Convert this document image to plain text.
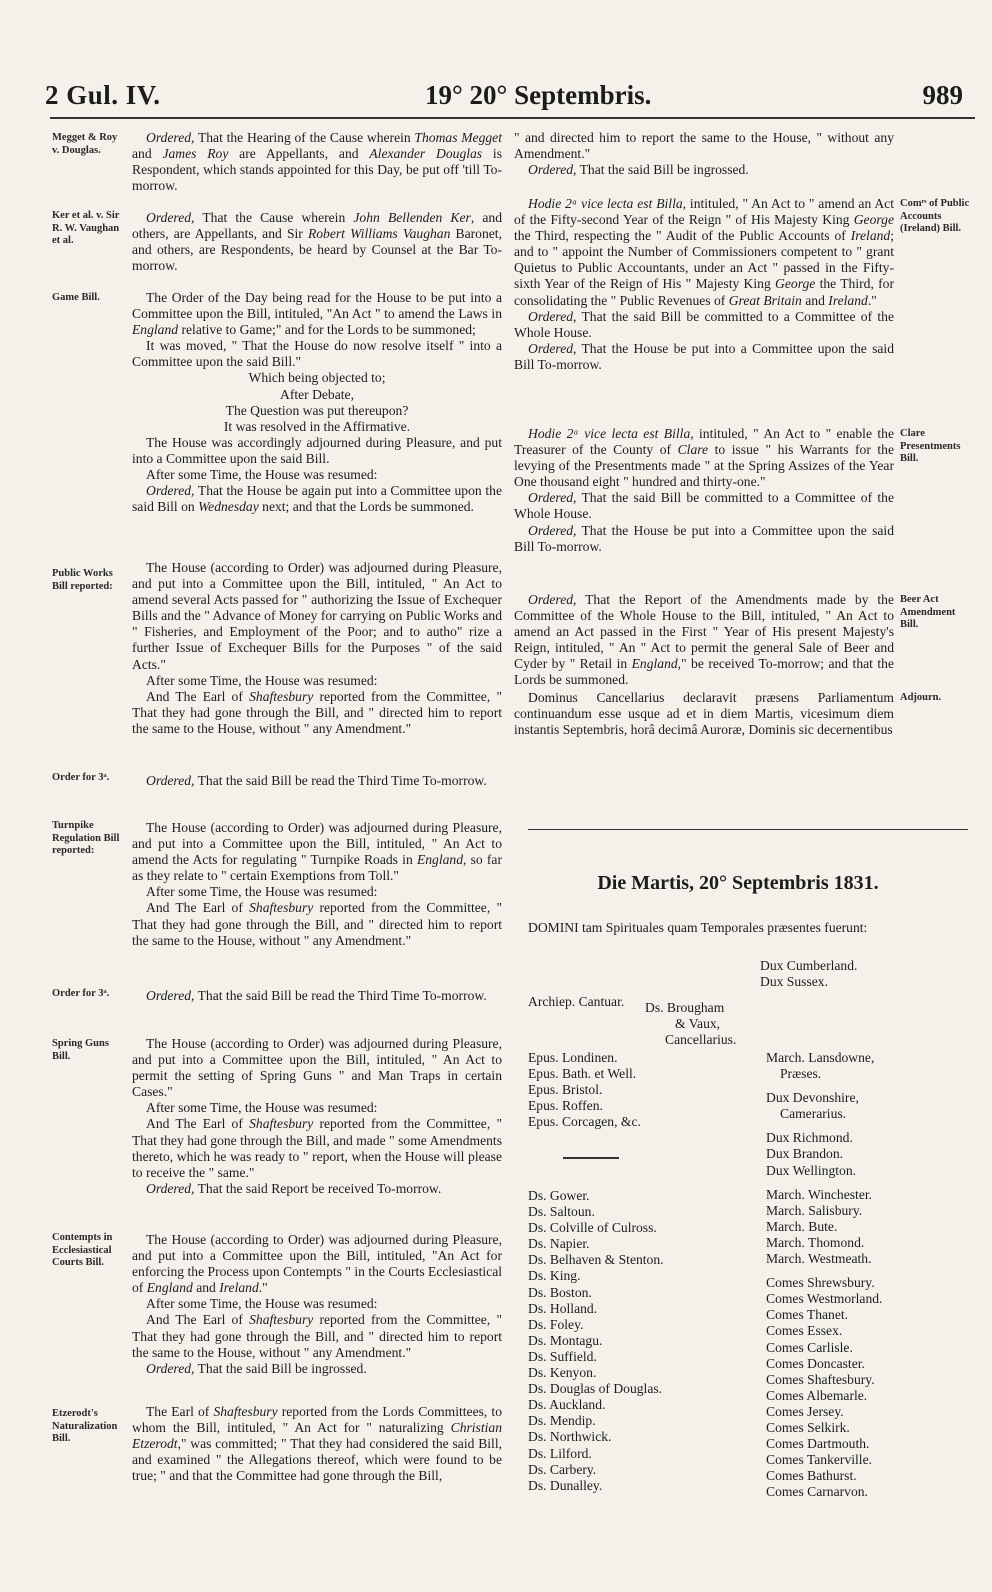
2 Gul. IV.	19° 20° Septembris.	989
Megget & Roy v. Douglas.
Ker et al. v. Sir R. W. Vaughan et al.
Game Bill.
Public Works Bill reported:
Order for 3ᵃ.
Turnpike Regulation Bill reported:
Order for 3ᵃ.
Spring Guns Bill.
Contempts in Ecclesiastical Courts Bill.
Etzerodt's Naturalization Bill.
Comʳˢ of Public Accounts (Ireland) Bill.
Clare Presentments Bill.
Beer Act Amendment Bill.
Adjourn.

Ordered, That the Hearing of the Cause wherein Thomas Megget and James Roy are Appellants, and Alexander Douglas is Respondent, which stands appointed for this Day, be put off 'till To-morrow.

Ordered, That the Cause wherein John Bellenden Ker, and others, are Appellants, and Sir Robert Williams Vaughan Baronet, and others, are Respondents, be heard by Counsel at the Bar To-morrow.

The Order of the Day being read for the House to be put into a Committee upon the Bill, intituled, "An Act " to amend the Laws in England relative to Game;" and for the Lords to be summoned;

It was moved, " That the House do now resolve itself " into a Committee upon the said Bill."

Which being objected to;

After Debate,

The Question was put thereupon?

It was resolved in the Affirmative.

The House was accordingly adjourned during Pleasure, and put into a Committee upon the said Bill.

After some Time, the House was resumed:

Ordered, That the House be again put into a Committee upon the said Bill on Wednesday next; and that the Lords be summoned.

The House (according to Order) was adjourned during Pleasure, and put into a Committee upon the Bill, intituled, " An Act to amend several Acts passed for " authorizing the Issue of Exchequer Bills and the " Advance of Money for carrying on Public Works and " Fisheries, and Employment of the Poor; and to autho" rize a further Issue of Exchequer Bills for the Purposes " of the said Acts."

After some Time, the House was resumed:

And The Earl of Shaftesbury reported from the Committee, " That they had gone through the Bill, and " directed him to report the same to the House, without " any Amendment."

Ordered, That the said Bill be read the Third Time To-morrow.

The House (according to Order) was adjourned during Pleasure, and put into a Committee upon the Bill, intituled, " An Act to amend the Acts for regulating " Turnpike Roads in England, so far as they relate to " certain Exemptions from Toll."

After some Time, the House was resumed:

And The Earl of Shaftesbury reported from the Committee, " That they had gone through the Bill, and " directed him to report the same to the House, without " any Amendment."

Ordered, That the said Bill be read the Third Time To-morrow.

The House (according to Order) was adjourned during Pleasure, and put into a Committee upon the Bill, intituled, " An Act to permit the setting of Spring Guns " and Man Traps in certain Cases."

After some Time, the House was resumed:

And The Earl of Shaftesbury reported from the Committee, " That they had gone through the Bill, and made " some Amendments thereto, which he was ready to " report, when the House will please to receive the " same."

Ordered, That the said Report be received To-morrow.

The House (according to Order) was adjourned during Pleasure, and put into a Committee upon the Bill, intituled, "An Act for enforcing the Process upon Contempts " in the Courts Ecclesiastical of England and Ireland."

After some Time, the House was resumed:

And The Earl of Shaftesbury reported from the Committee, " That they had gone through the Bill, and " directed him to report the same to the House, without " any Amendment."

Ordered, That the said Bill be ingrossed.

The Earl of Shaftesbury reported from the Lords Committees, to whom the Bill, intituled, " An Act for " naturalizing Christian Etzerodt," was committed; " That they had considered the said Bill, and examined " the Allegations thereof, which were found to be true; " and that the Committee had gone through the Bill,

" and directed him to report the same to the House, " without any Amendment."

Ordered, That the said Bill be ingrossed.

Hodie 2ᵃ vice lecta est Billa, intituled, " An Act to " amend an Act of the Fifty-second Year of the Reign " of His Majesty King George the Third, respecting the " Audit of the Public Accounts of Ireland; and to " appoint the Number of Commissioners competent to " grant Quietus to Public Accountants, under an Act " passed in the Fifty-sixth Year of the Reign of His " Majesty King George the Third, for consolidating the " Public Revenues of Great Britain and Ireland."

Ordered, That the said Bill be committed to a Committee of the Whole House.

Ordered, That the House be put into a Committee upon the said Bill To-morrow.

Hodie 2ᵃ vice lecta est Billa, intituled, " An Act to " enable the Treasurer of the County of Clare to issue " his Warrants for the levying of the Presentments made " at the Spring Assizes of the Year One thousand eight " hundred and thirty-one."

Ordered, That the said Bill be committed to a Committee of the Whole House.

Ordered, That the House be put into a Committee upon the said Bill To-morrow.

Ordered, That the Report of the Amendments made by the Committee of the Whole House to the Bill, intituled, " An Act to amend an Act passed in the First " Year of His present Majesty's Reign, intituled, " An " Act to permit the general Sale of Beer and Cyder by " Retail in England," be received To-morrow; and that the Lords be summoned.

Dominus Cancellarius declaravit præsens Parliamentum continuandum esse usque ad et in diem Martis, vicesimum diem instantis Septembris, horâ decimâ Auroræ, Dominis sic decernentibus

Die Martis, 20° Septembris 1831.

DOMINI tam Spirituales quam Temporales præsentes fuerunt:

Dux Cumberland.
Dux Sussex.
Archiep. Cantuar. Ds. Brougham
& Vaux,
Cancellarius.
Epus. Londinen.
Epus. Bath. et Well.
Epus. Bristol.
Epus. Roffen.
Epus. Corcagen, &c.
Ds. Gower.
Ds. Saltoun.
Ds. Colville of Culross.
Ds. Napier.
Ds. Belhaven & Stenton.
Ds. King.
Ds. Boston.
Ds. Holland.
Ds. Foley.
Ds. Montagu.
Ds. Suffield.
Ds. Kenyon.
Ds. Douglas of Douglas.
Ds. Auckland.
Ds. Mendip.
Ds. Northwick.
Ds. Lilford.
Ds. Carbery.
Ds. Dunalley.
March. Lansdowne,
Præses.
Dux Devonshire,
Camerarius.
Dux Richmond.
Dux Brandon.
Dux Wellington.
March. Winchester.
March. Salisbury.
March. Bute.
March. Thomond.
March. Westmeath.
Comes Shrewsbury.
Comes Westmorland.
Comes Thanet.
Comes Essex.
Comes Carlisle.
Comes Doncaster.
Comes Shaftesbury.
Comes Albemarle.
Comes Jersey.
Comes Selkirk.
Comes Dartmouth.
Comes Tankerville.
Comes Bathurst.
Comes Carnarvon.
